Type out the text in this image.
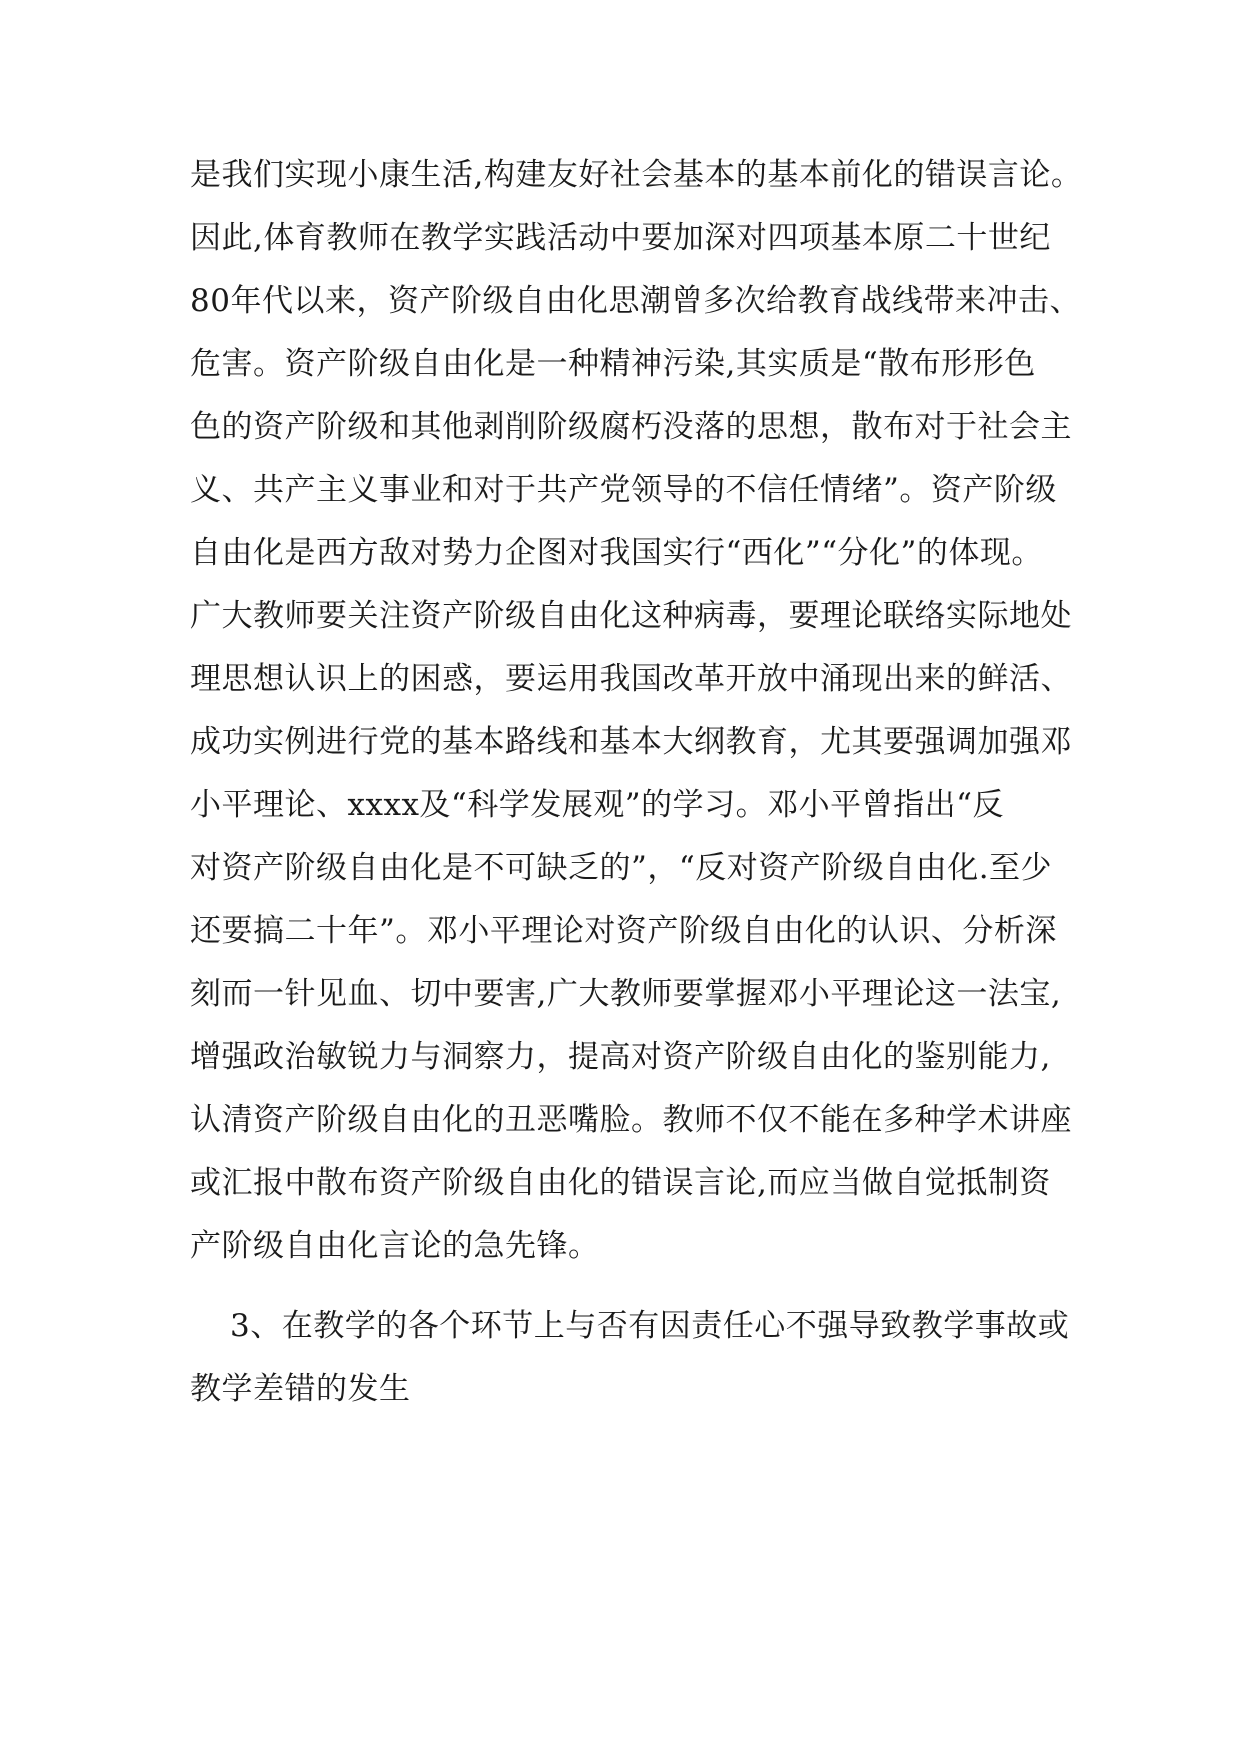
是我们实现小康生活,构建友好社会基本的基本前化的错误言论。
因此,体育教师在教学实践活动中要加深对四项基本原二十世纪
80年代以来，资产阶级自由化思潮曾多次给教育战线带来冲击、
危害。资产阶级自由化是一种精神污染,其实质是“散布形形色
色的资产阶级和其他剥削阶级腐朽没落的思想，散布对于社会主
义、共产主义事业和对于共产党领导的不信任情绪”。资产阶级
自由化是西方敌对势力企图对我国实行“西化”“分化”的体现。
广大教师要关注资产阶级自由化这种病毒，要理论联络实际地处
理思想认识上的困惑，要运用我国改革开放中涌现出来的鲜活、
成功实例进行党的基本路线和基本大纲教育，尤其要强调加强邓
小平理论、xxxx及“科学发展观”的学习。邓小平曾指出“反
对资产阶级自由化是不可缺乏的”，“反对资产阶级自由化.至少
还要搞二十年”。邓小平理论对资产阶级自由化的认识、分析深
刻而一针见血、切中要害,广大教师要掌握邓小平理论这一法宝,
增强政治敏锐力与洞察力，提高对资产阶级自由化的鉴别能力,
认清资产阶级自由化的丑恶嘴脸。教师不仅不能在多种学术讲座
或汇报中散布资产阶级自由化的错误言论,而应当做自觉抵制资
产阶级自由化言论的急先锋。
3、在教学的各个环节上与否有因责任心不强导致教学事故或
教学差错的发生
